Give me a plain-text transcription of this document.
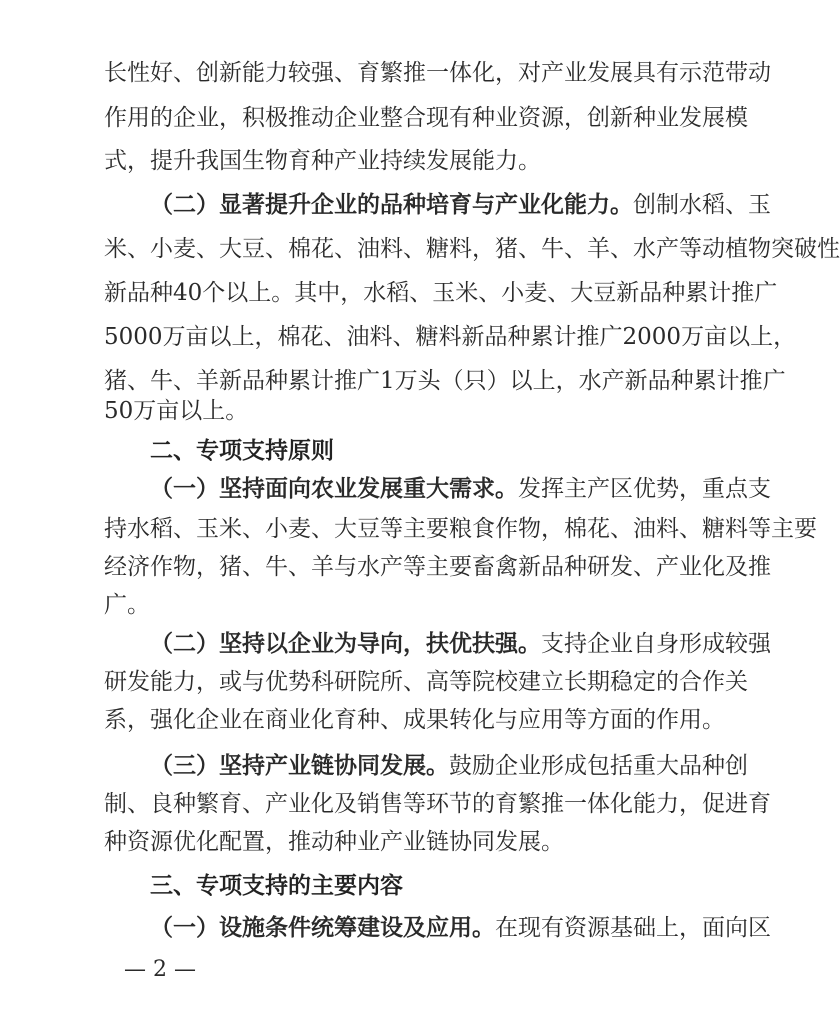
长性好、创新能力较强、育繁推一体化，对产业发展具有示范带动
作用的企业，积极推动企业整合现有种业资源，创新种业发展模
式，提升我国生物育种产业持续发展能力。
（二）显著提升企业的品种培育与产业化能力。创制水稻、玉
米、小麦、大豆、棉花、油料、糖料，猪、牛、羊、水产等动植物突破性
新品种40个以上。其中，水稻、玉米、小麦、大豆新品种累计推广
5000万亩以上，棉花、油料、糖料新品种累计推广2000万亩以上，
猪、牛、羊新品种累计推广1万头（只）以上，水产新品种累计推广
50万亩以上。
二、专项支持原则
（一）坚持面向农业发展重大需求。发挥主产区优势，重点支
持水稻、玉米、小麦、大豆等主要粮食作物，棉花、油料、糖料等主要
经济作物，猪、牛、羊与水产等主要畜禽新品种研发、产业化及推
广。
（二）坚持以企业为导向，扶优扶强。支持企业自身形成较强
研发能力，或与优势科研院所、高等院校建立长期稳定的合作关
系，强化企业在商业化育种、成果转化与应用等方面的作用。
（三）坚持产业链协同发展。鼓励企业形成包括重大品种创
制、良种繁育、产业化及销售等环节的育繁推一体化能力，促进育
种资源优化配置，推动种业产业链协同发展。
三、专项支持的主要内容
（一）设施条件统筹建设及应用。在现有资源基础上，面向区
— 2 —
